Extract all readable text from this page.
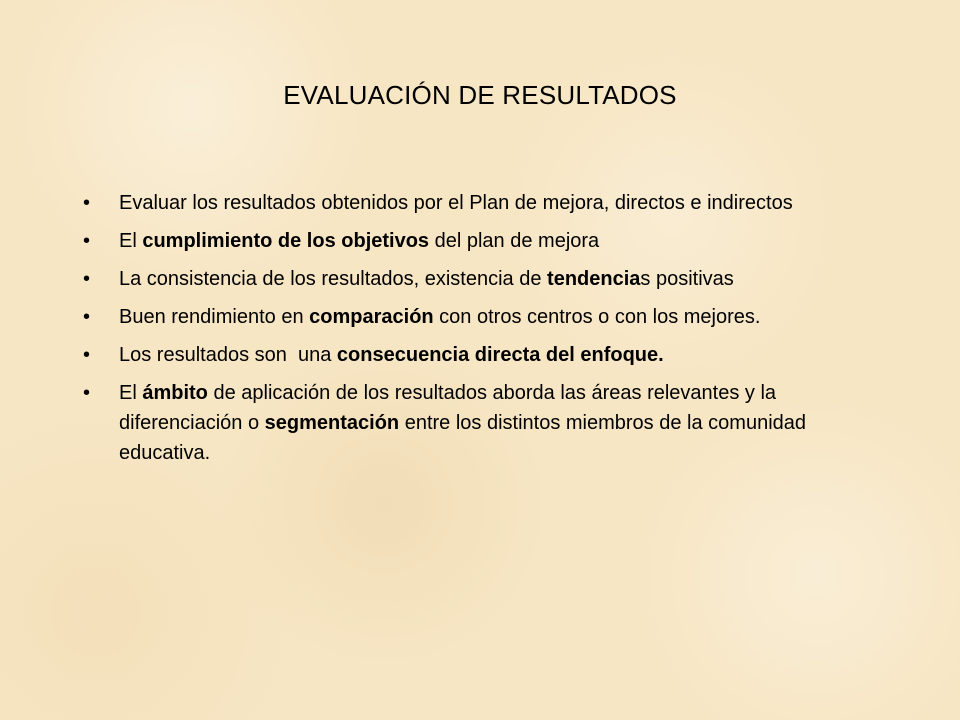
EVALUACIÓN DE RESULTADOS
•	Evaluar los resultados obtenidos por el Plan de mejora, directos e indirectos
•	El cumplimiento de los objetivos del plan de mejora
•	La consistencia de los resultados, existencia de tendencias positivas
•	Buen rendimiento en comparación con otros centros o con los mejores.
•	Los resultados son  una consecuencia directa del enfoque.
•	El ámbito de aplicación de los resultados aborda las áreas relevantes y la diferenciación o segmentación entre los distintos miembros de la comunidad educativa.
